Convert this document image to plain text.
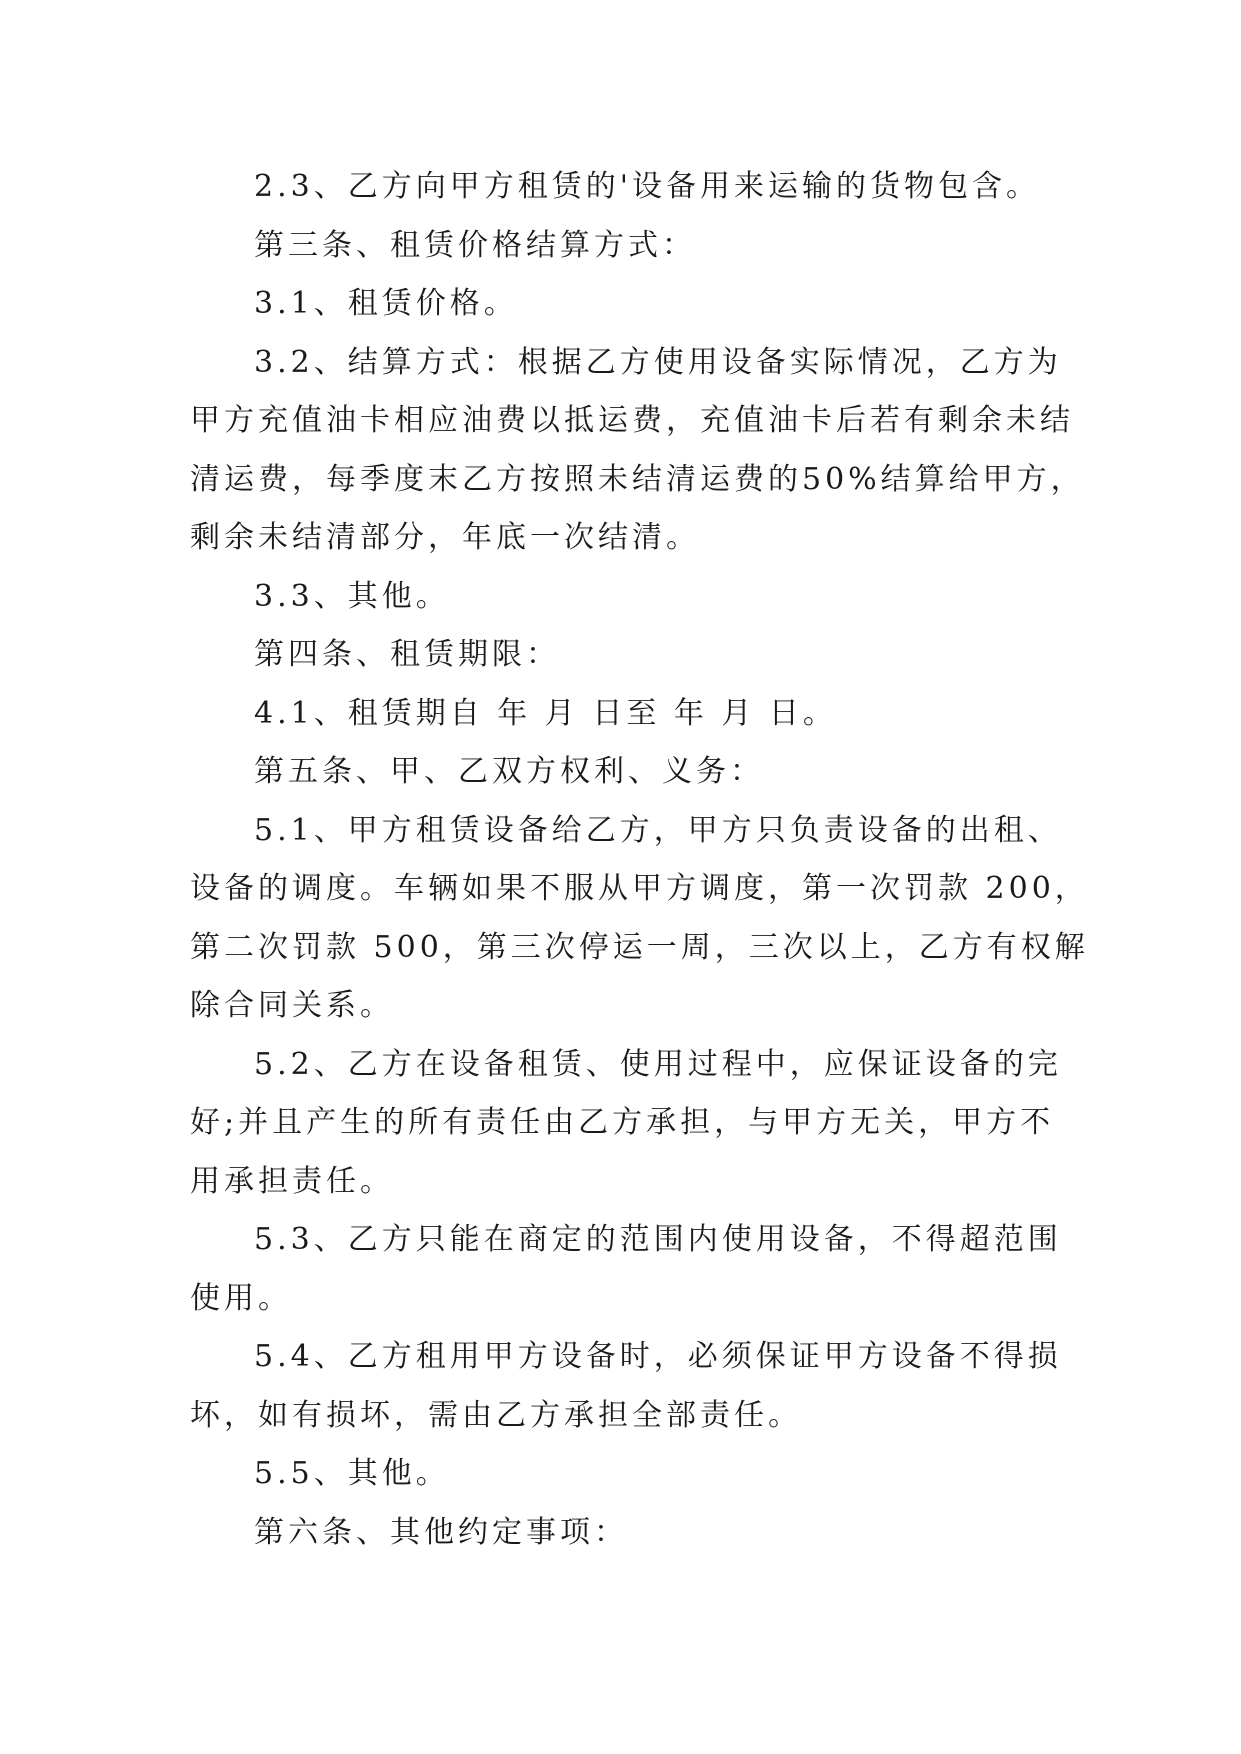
2.3、乙方向甲方租赁的'设备用来运输的货物包含。
第三条、租赁价格结算方式：
3.1、租赁价格。
3.2、结算方式：根据乙方使用设备实际情况，乙方为
甲方充值油卡相应油费以抵运费，充值油卡后若有剩余未结
清运费，每季度末乙方按照未结清运费的50%结算给甲方，
剩余未结清部分，年底一次结清。
3.3、其他。
第四条、租赁期限：
4.1、租赁期自 年 月 日至 年 月 日。
第五条、甲、乙双方权利、义务：
5.1、甲方租赁设备给乙方，甲方只负责设备的出租、
设备的调度。车辆如果不服从甲方调度，第一次罚款 200，
第二次罚款 500，第三次停运一周，三次以上，乙方有权解
除合同关系。
5.2、乙方在设备租赁、使用过程中，应保证设备的完
好;并且产生的所有责任由乙方承担，与甲方无关，甲方不
用承担责任。
5.3、乙方只能在商定的范围内使用设备，不得超范围
使用。
5.4、乙方租用甲方设备时，必须保证甲方设备不得损
坏，如有损坏，需由乙方承担全部责任。
5.5、其他。
第六条、其他约定事项：
